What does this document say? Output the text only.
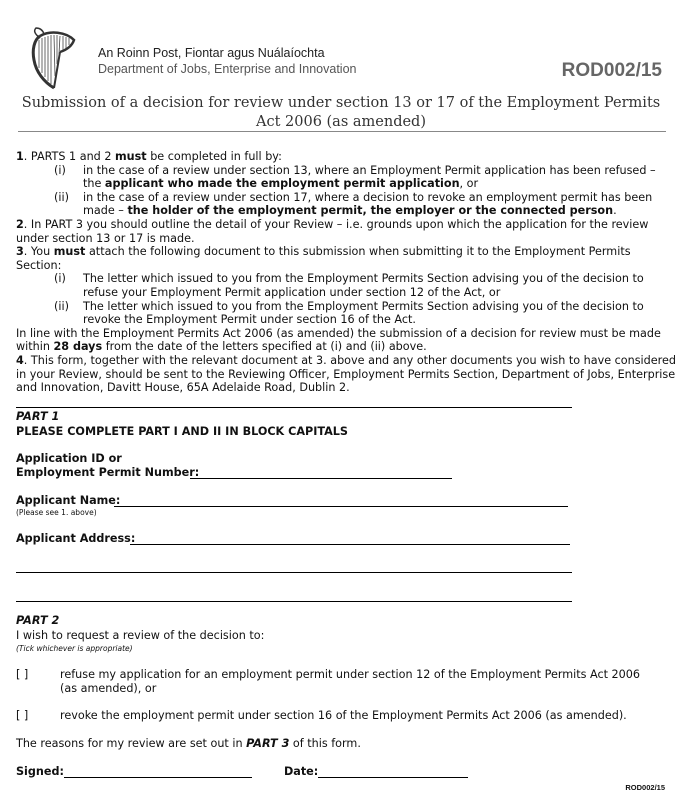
An Roinn Post, Fiontar agus Nuálaíochta
Department of Jobs, Enterprise and Innovation	ROD002/15
Submission of a decision for review under section 13 or 17 of the Employment Permits Act 2006 (as amended)

1. PARTS 1 and 2 must be completed in full by:

(i) in the case of a review under section 13, where an Employment Permit application has been refused – the applicant who made the employment permit application, or

(ii) in the case of a review under section 17, where a decision to revoke an employment permit has been made – the holder of the employment permit, the employer or the connected person.

2. In PART 3 you should outline the detail of your Review – i.e. grounds upon which the application for the review under section 13 or 17 is made.

3. You must attach the following document to this submission when submitting it to the Employment Permits Section:

(i) The letter which issued to you from the Employment Permits Section advising you of the decision to refuse your Employment Permit application under section 12 of the Act, or

(ii) The letter which issued to you from the Employment Permits Section advising you of the decision to revoke the Employment Permit under section 16 of the Act.

In line with the Employment Permits Act 2006 (as amended) the submission of a decision for review must be made within 28 days from the date of the letters specified at (i) and (ii) above.

4. This form, together with the relevant document at 3. above and any other documents you wish to have considered in your Review, should be sent to the Reviewing Officer, Employment Permits Section, Department of Jobs, Enterprise and Innovation, Davitt House, 65A Adelaide Road, Dublin 2.

PART 1
PLEASE COMPLETE PART I AND II IN BLOCK CAPITALS
Application ID or
Employment Permit Number:
Applicant Name:
(Please see 1. above)
Applicant Address:
PART 2
I wish to request a review of the decision to:
(Tick whichever is appropriate)
[ ]	refuse my application for an employment permit under section 12 of the Employment Permits Act 2006 (as amended), or
[ ]	revoke the employment permit under section 16 of the Employment Permits Act 2006 (as amended).
The reasons for my review are set out in PART 3 of this form.
Signed:	Date:
ROD002/15
